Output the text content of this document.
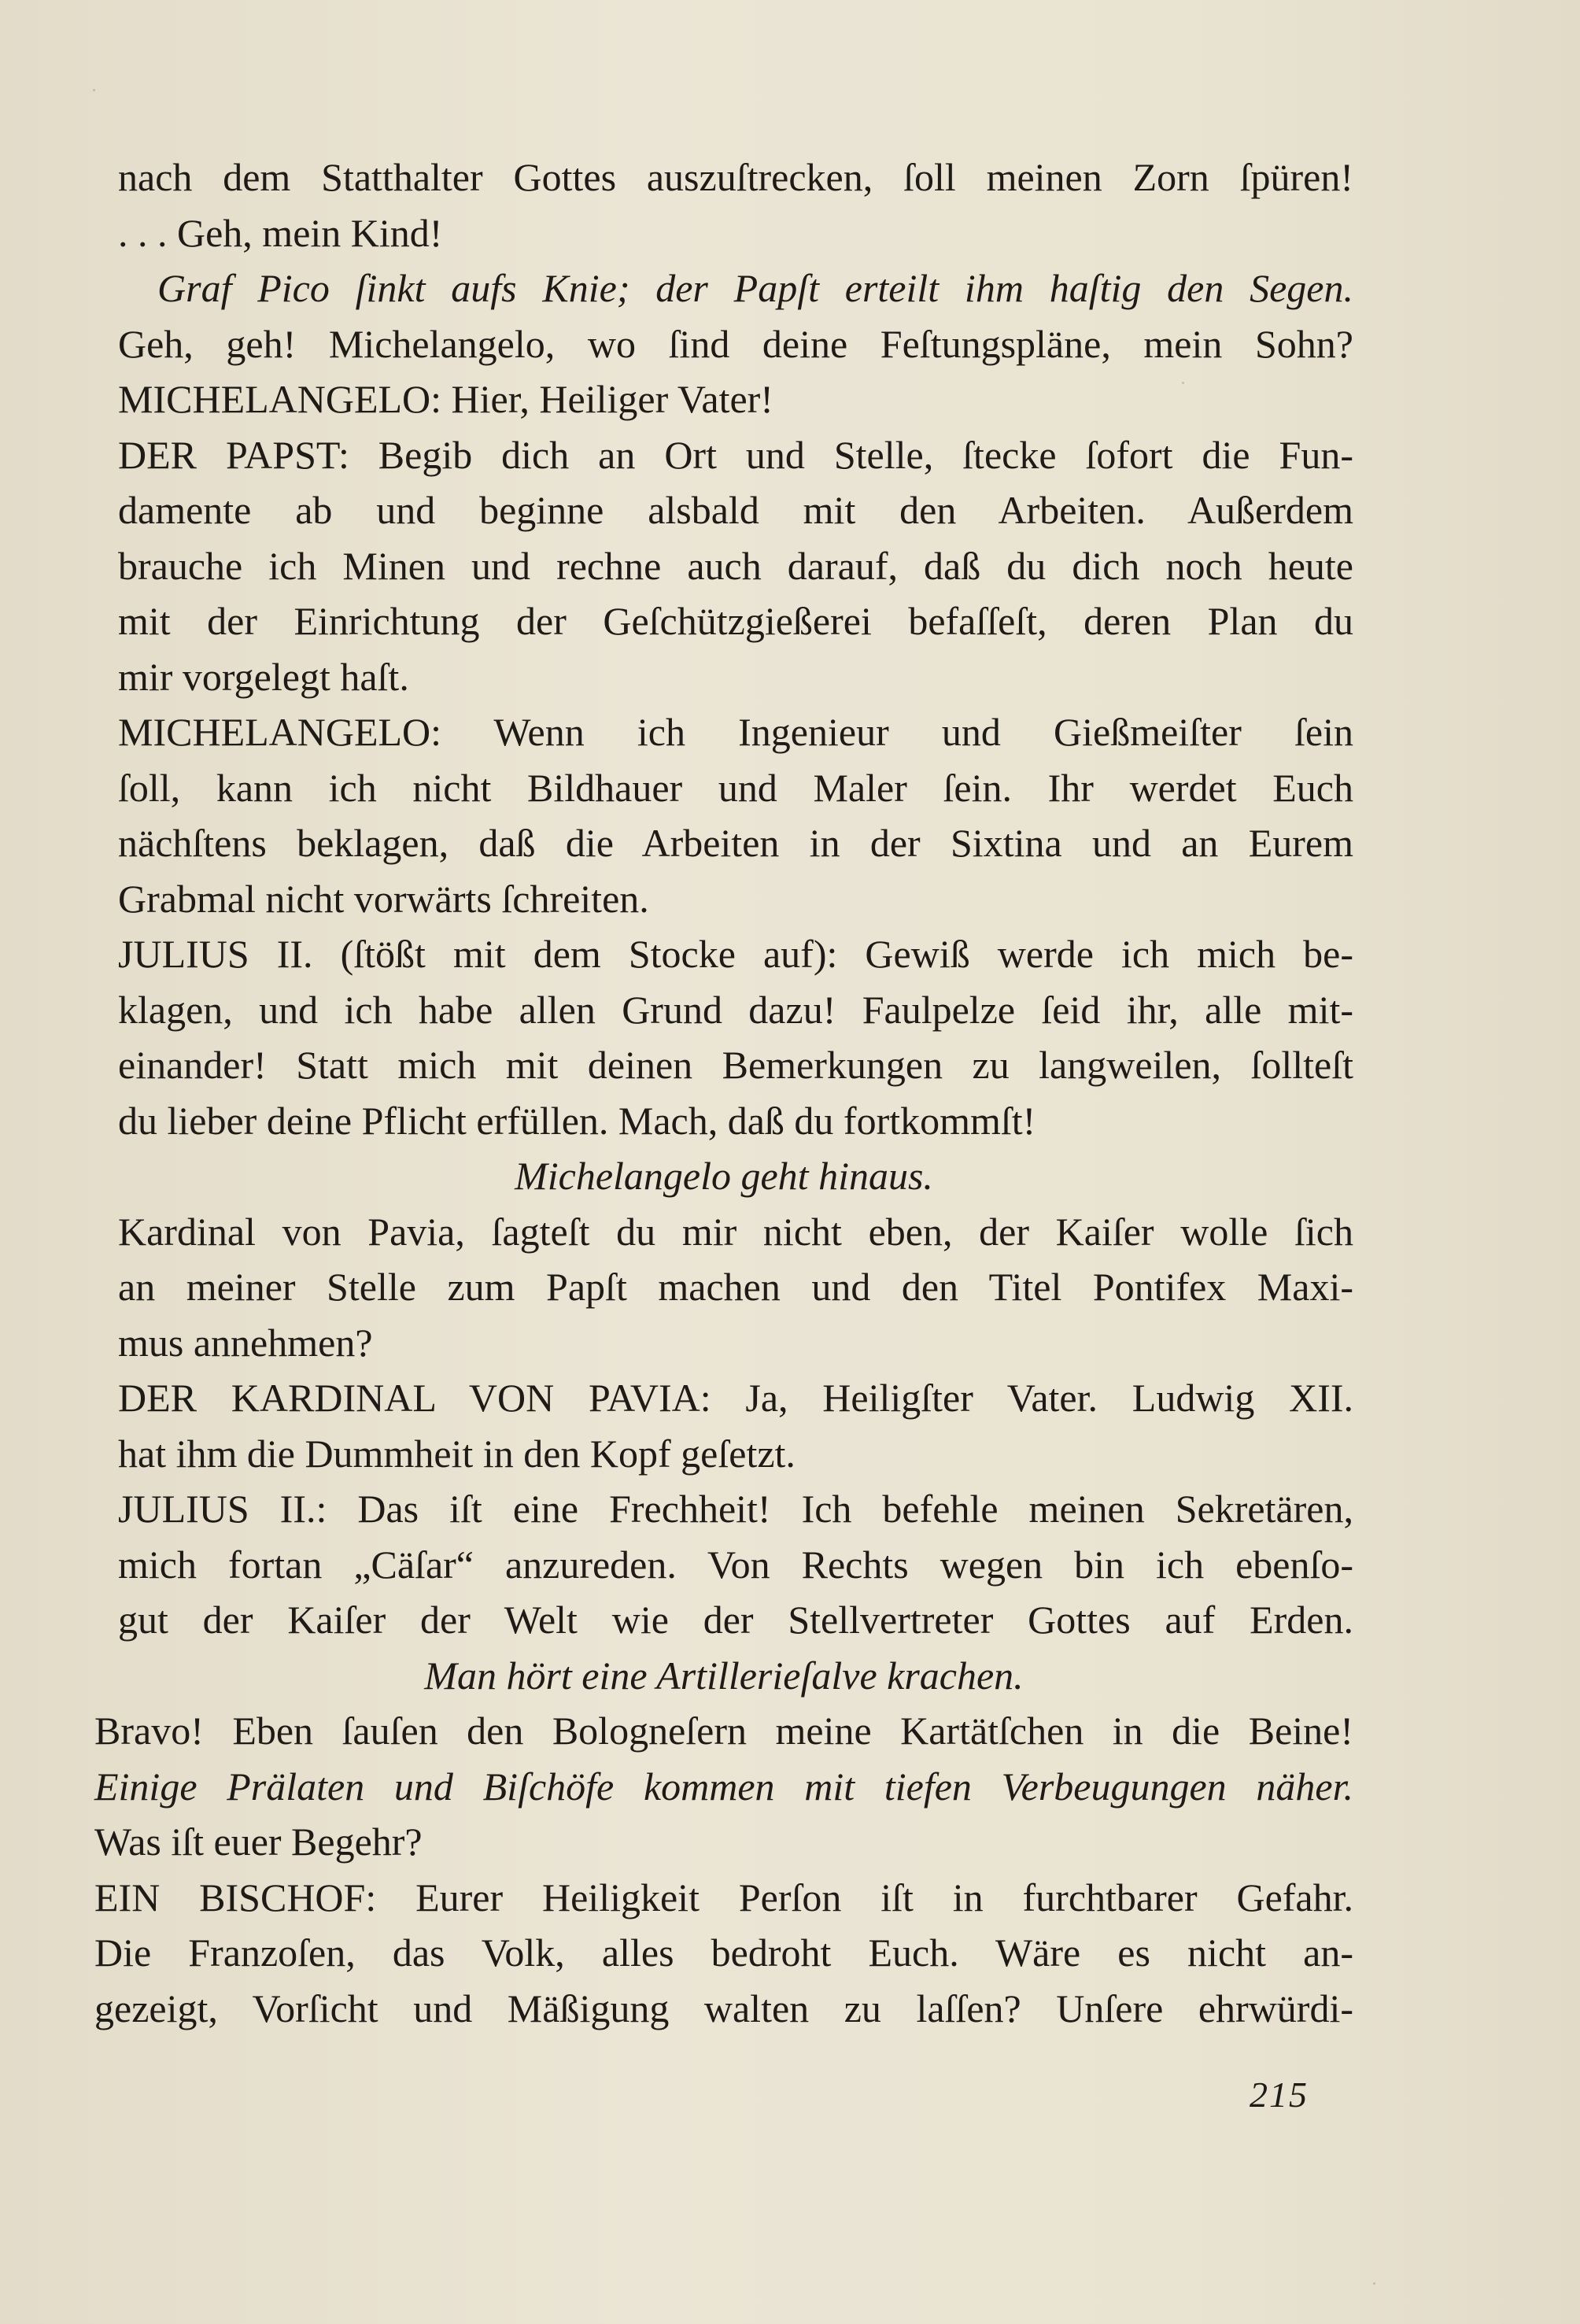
nach dem Statthalter Gottes auszuſtrecken, ſoll meinen Zorn ſpüren!
. . . Geh, mein Kind!
Graf Pico ſinkt aufs Knie; der Papſt erteilt ihm haſtig den Segen.
Geh, geh! Michelangelo, wo ſind deine Feſtungspläne, mein Sohn?
MICHELANGELO: Hier, Heiliger Vater!
DER PAPST: Begib dich an Ort und Stelle, ſtecke ſofort die Fun-
damente ab und beginne alsbald mit den Arbeiten. Außerdem
brauche ich Minen und rechne auch darauf, daß du dich noch heute
mit der Einrichtung der Geſchützgießerei befaſſeſt, deren Plan du
mir vorgelegt haſt.
MICHELANGELO: Wenn ich Ingenieur und Gießmeiſter ſein
ſoll, kann ich nicht Bildhauer und Maler ſein. Ihr werdet Euch
nächſtens beklagen, daß die Arbeiten in der Sixtina und an Eurem
Grabmal nicht vorwärts ſchreiten.
JULIUS II. (ſtößt mit dem Stocke auf): Gewiß werde ich mich be-
klagen, und ich habe allen Grund dazu! Faulpelze ſeid ihr, alle mit-
einander! Statt mich mit deinen Bemerkungen zu langweilen, ſollteſt
du lieber deine Pflicht erfüllen. Mach, daß du fortkommſt!
Michelangelo geht hinaus.
Kardinal von Pavia, ſagteſt du mir nicht eben, der Kaiſer wolle ſich
an meiner Stelle zum Papſt machen und den Titel Pontifex Maxi-
mus annehmen?
DER KARDINAL VON PAVIA: Ja, Heiligſter Vater. Ludwig XII.
hat ihm die Dummheit in den Kopf geſetzt.
JULIUS II.: Das iſt eine Frechheit! Ich befehle meinen Sekretären,
mich fortan „Cäſar“ anzureden. Von Rechts wegen bin ich ebenſo-
gut der Kaiſer der Welt wie der Stellvertreter Gottes auf Erden.
Man hört eine Artillerieſalve krachen.
Bravo! Eben ſauſen den Bologneſern meine Kartätſchen in die Beine!
Einige Prälaten und Biſchöfe kommen mit tiefen Verbeugungen näher.
Was iſt euer Begehr?
EIN BISCHOF: Eurer Heiligkeit Perſon iſt in furchtbarer Gefahr.
Die Franzoſen, das Volk, alles bedroht Euch. Wäre es nicht an-
gezeigt, Vorſicht und Mäßigung walten zu laſſen? Unſere ehrwürdi-
215
